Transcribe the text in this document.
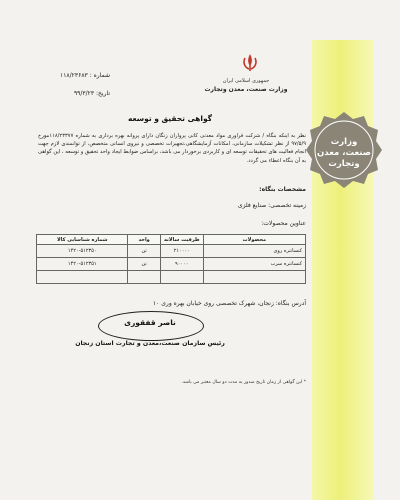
جمهوری اسلامی ایران
وزارت صنعت، معدن وتجارت
شماره : ۱۱۸/۲۳۶۸۳
تاریخ: ۹۹/۳/۲۳
وزارت
صنعت، معدن
وتجارت
گواهی تحقیق و توسعه
نظر به اینکه بنگاه / شرکت فراوری مواد معدنی کانی پرواران زنگان دارای پروانه بهره برداری به شماره ۱۱۸/۲۳۳۷۷مورخ ۹۷/۵/۹ از نظر تشکیلات سازمانی، امکانات آزمایشگاهی،تجهیزات تخصصی و نیروی انسانی متخصص، از توانمندی لازم جهت انجام فعالیت های تحقیقات توسعه ای و کاربردی برخوردار می باشد، براساس ضوابط ایجاد واحد تحقیق و توسعه ، این گواهی به آن بنگاه اعطاء می گردد.
مشخصات بنگاه:
زمینه تخصصی: صنایع فلزی
عناوین محصولات:
محصولات	ظرفیت سالانه	واحد	شماره شناسایی کالا
کنسانتره روی	۲۱۰۰۰۰	تن	۱۴۲۰-۵۱۲۳۵۰
کنسانتره سرب	۹۰۰۰۰	تن	۱۴۲۰-۵۱۲۳۵۱

آدرس بنگاه: زنجان، شهرک تخصصی روی خیابان بهره وری ۱۰
ناصر قفقوری
رئیس سازمان صنعت،معدن و تجارت استان زنجان
* این گواهی از زمان تاریخ صدور به مدت دو سال معتبر می باشد.
